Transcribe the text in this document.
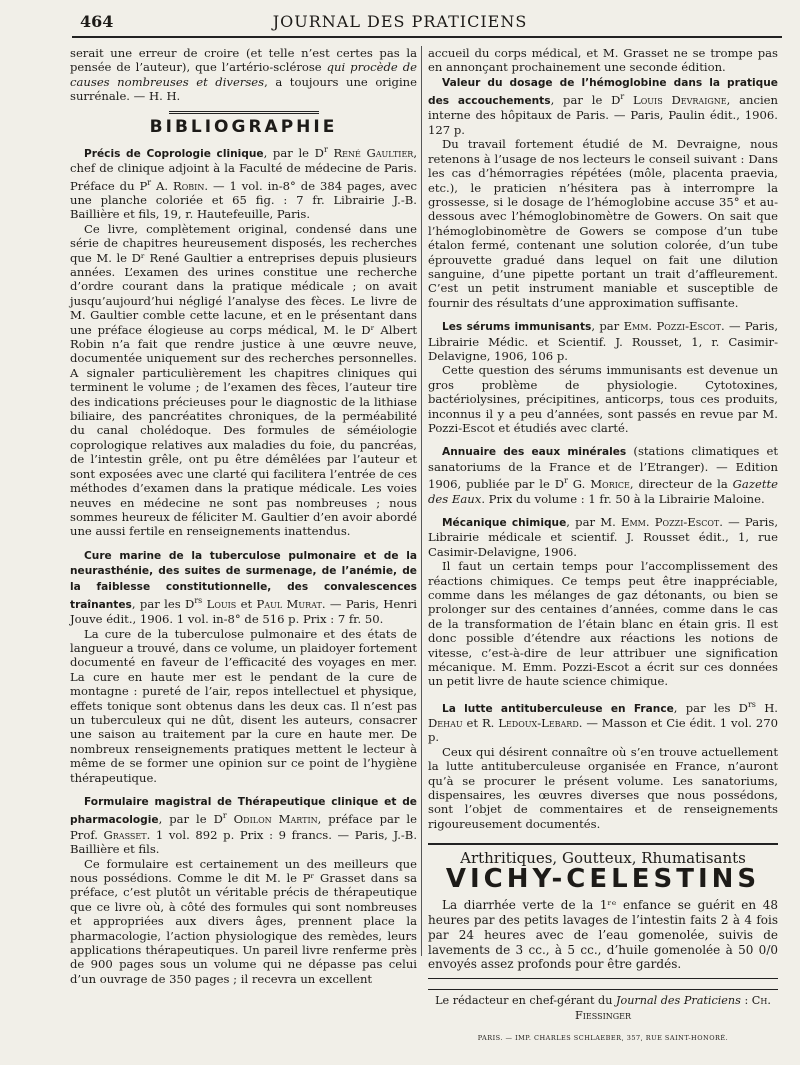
464	JOURNAL DES PRATICIENS

serait une erreur de croire (et telle n’est certes pas la pensée de l’auteur), que l’artério-sclérose qui procède de causes nombreuses et diverses, a toujours une origine surrénale. — H. H.

BIBLIOGRAPHIE

Précis de Coprologie clinique, par le $D^r$ René Gaultier, chef de clinique adjoint à la Faculté de médecine de Paris. Préface du $P^r$ A. Robin. — 1 vol. in-8° de 384 pages, avec une planche coloriée et 65 fig. : 7 fr. Librairie J.-B. Baillière et fils, 19, r. Hautefeuille, Paris.

Ce livre, complètement original, condensé dans une série de chapitres heureusement disposés, les recherches que M. le Dʳ René Gaultier a entreprises depuis plusieurs années. L’examen des urines constitue une recherche d’ordre courant dans la pratique médicale ; on avait jusqu’aujourd’hui négligé l’analyse des fèces. Le livre de M. Gaultier comble cette lacune, et en le présentant dans une préface élogieuse au corps médical, M. le Dʳ Albert Robin n’a fait que rendre justice à une œuvre neuve, documentée uniquement sur des recherches personnelles. A signaler particulièrement les chapitres cliniques qui terminent le volume ; de l’examen des fèces, l’auteur tire des indications précieuses pour le diagnostic de la lithiase biliaire, des pancréatites chroniques, de la perméabilité du canal cholédoque. Des formules de séméiologie coprologique relatives aux maladies du foie, du pancréas, de l’intestin grêle, ont pu être démêlées par l’auteur et sont exposées avec une clarté qui facilitera l’entrée de ces méthodes d’examen dans la pratique médicale. Les voies neuves en médecine ne sont pas nombreuses ; nous sommes heureux de féliciter M. Gaultier d’en avoir abordé une aussi fertile en renseignements inattendus.

Cure marine de la tuberculose pulmonaire et de la neurasthénie, des suites de surmenage, de l’anémie, de la faiblesse constitutionnelle, des convalescences traînantes, par les $D^{rs}$ Louis et Paul Murat. — Paris, Henri Jouve édit., 1906. 1 vol. in-8° de 516 p. Prix : 7 fr. 50.

La cure de la tuberculose pulmonaire et des états de langueur a trouvé, dans ce volume, un plaidoyer fortement documenté en faveur de l’efficacité des voyages en mer. La cure en haute mer est le pendant de la cure de montagne : pureté de l’air, repos intellectuel et physique, effets tonique sont obtenus dans les deux cas. Il n’est pas un tuberculeux qui ne dût, disent les auteurs, consacrer une saison au traitement par la cure en haute mer. De nombreux renseignements pratiques mettent le lecteur à même de se former une opinion sur ce point de l’hygiène thérapeutique.

Formulaire magistral de Thérapeutique clinique et de pharmacologie, par le $D^r$ Odilon Martin, préface par le Prof. Grasset. 1 vol. 892 p. Prix : 9 francs. — Paris, J.-B. Baillière et fils.

Ce formulaire est certainement un des meilleurs que nous possédions. Comme le dit M. le Pʳ Grasset dans sa préface, c’est plutôt un véritable précis de thérapeutique que ce livre où, à côté des formules qui sont nombreuses et appropriées aux divers âges, prennent place la pharmacologie, l’action physiologique des remèdes, leurs applications thérapeutiques. Un pareil livre renferme près de 900 pages sous un volume qui ne dépasse pas celui d’un ouvrage de 350 pages ; il recevra un excellent

accueil du corps médical, et M. Grasset ne se trompe pas en annonçant prochainement une seconde édition.

Valeur du dosage de l’hémoglobine dans la pratique des accouchements, par le $D^r$ Louis Devraigne, ancien interne des hôpitaux de Paris. — Paris, Paulin édit., 1906. 127 p.

Du travail fortement étudié de M. Devraigne, nous retenons à l’usage de nos lecteurs le conseil suivant : Dans les cas d’hémorragies répétées (môle, placenta praevia, etc.), le praticien n’hésitera pas à interrompre la grossesse, si le dosage de l’hémoglobine accuse 35° et au-dessous avec l’hémoglobinomètre de Gowers. On sait que l’hémoglobinomètre de Gowers se compose d’un tube étalon fermé, contenant une solution colorée, d’un tube éprouvette gradué dans lequel on fait une dilution sanguine, d’une pipette portant un trait d’affleurement. C’est un petit instrument maniable et susceptible de fournir des résultats d’une approximation suffisante.

Les sérums immunisants, par Emm. Pozzi-Escot. — Paris, Librairie Médic. et Scientif. J. Rousset, 1, r. Casimir-Delavigne, 1906, 106 p.

Cette question des sérums immunisants est devenue un gros problème de physiologie. Cytotoxines, bactériolysines, précipitines, anticorps, tous ces produits, inconnus il y a peu d’années, sont passés en revue par M. Pozzi-Escot et étudiés avec clarté.

Annuaire des eaux minérales (stations climatiques et sanatoriums de la France et de l’Etranger). — Edition 1906, publiée par le $D^r$ G. Morice, directeur de la Gazette des Eaux. Prix du volume : 1 fr. 50 à la Librairie Maloine.

Mécanique chimique, par M. Emm. Pozzi-Escot. — Paris, Librairie médicale et scientif. J. Rousset édit., 1, rue Casimir-Delavigne, 1906.

Il faut un certain temps pour l’accomplissement des réactions chimiques. Ce temps peut être inappréciable, comme dans les mélanges de gaz détonants, ou bien se prolonger sur des centaines d’années, comme dans le cas de la transformation de l’étain blanc en étain gris. Il est donc possible d’étendre aux réactions les notions de vitesse, c’est-à-dire de leur attribuer une signification mécanique. M. Emm. Pozzi-Escot a écrit sur ces données un petit livre de haute science chimique.

La lutte antituberculeuse en France, par les $D^{rs}$ H. Dehau et R. Ledoux-Lebard. — Masson et Cie édit. 1 vol. 270 p.

Ceux qui désirent connaître où s’en trouve actuellement la lutte antituberculeuse organisée en France, n’auront qu’à se procurer le présent volume. Les sanatoriums, dispensaires, les œuvres diverses que nous possédons, sont l’objet de commentaires et de renseignements rigoureusement documentés.

Arthritiques, Goutteux, Rhumatisants
VICHY-CELESTINS
La diarrhée verte de la 1ʳᵉ enfance se guérit en 48 heures par des petits lavages de l’intestin faits 2 à 4 fois par 24 heures avec de l’eau gomenolée, suivis de lavements de 3 cc., à 5 cc., d’huile gomenolée à 50 0/0 envoyés assez profonds pour être gardés.
Le rédacteur en chef-gérant du Journal des Praticiens : Ch. Fiessinger
PARIS. — IMP. CHARLES SCHLAEBER, 357, RUE SAINT-HONORÉ.
